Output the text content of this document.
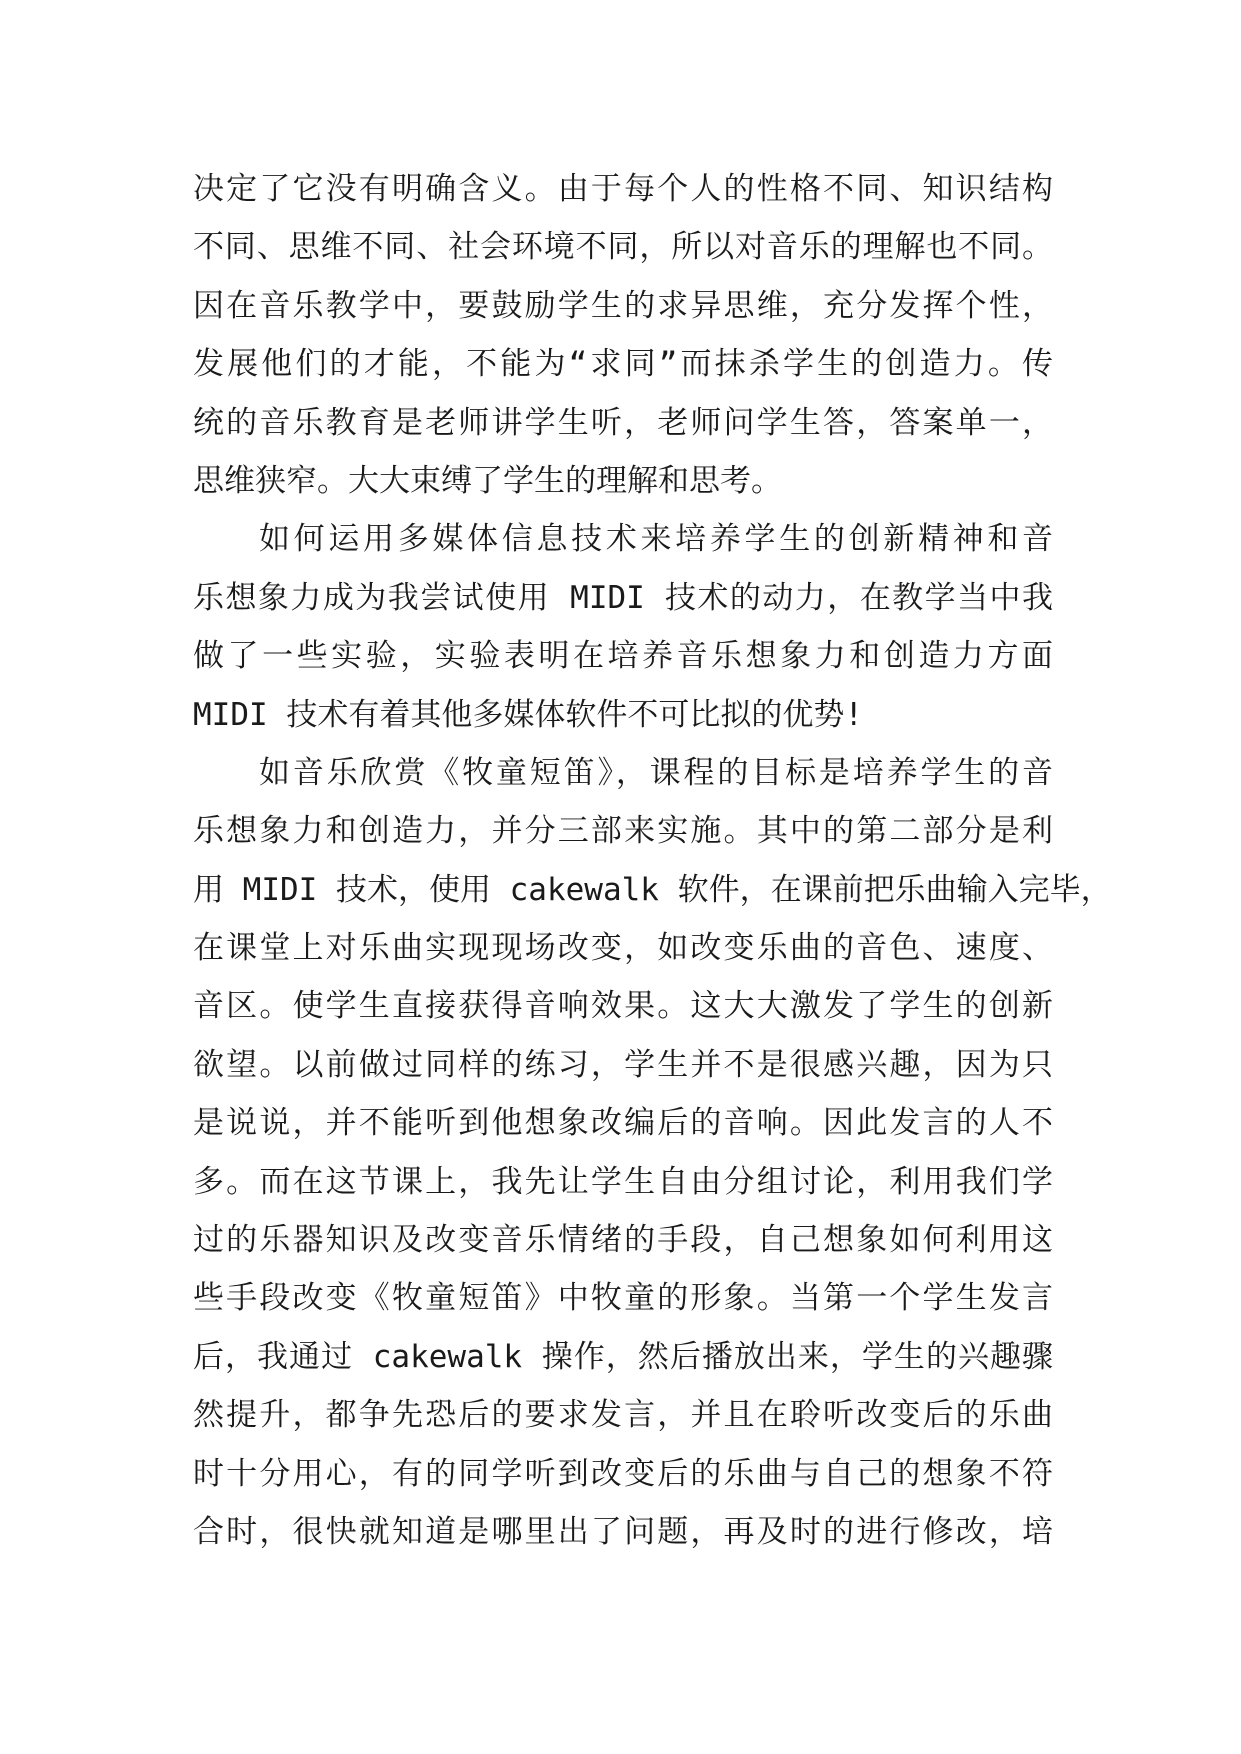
决定了它没有明确含义。由于每个人的性格不同、知识结构
不同、思维不同、社会环境不同，所以对音乐的理解也不同。
因在音乐教学中，要鼓励学生的求异思维，充分发挥个性，
发展他们的才能，不能为“求同”而抹杀学生的创造力。传
统的音乐教育是老师讲学生听，老师问学生答，答案单一，
思维狭窄。大大束缚了学生的理解和思考。
如何运用多媒体信息技术来培养学生的创新精神和音
乐想象力成为我尝试使用 MIDI 技术的动力，在教学当中我
做了一些实验，实验表明在培养音乐想象力和创造力方面
MIDI 技术有着其他多媒体软件不可比拟的优势!
如音乐欣赏《牧童短笛》，课程的目标是培养学生的音
乐想象力和创造力，并分三部来实施。其中的第二部分是利
用 MIDI 技术，使用 cakewalk 软件，在课前把乐曲输入完毕，
在课堂上对乐曲实现现场改变，如改变乐曲的音色、速度、
音区。使学生直接获得音响效果。这大大激发了学生的创新
欲望。以前做过同样的练习，学生并不是很感兴趣，因为只
是说说，并不能听到他想象改编后的音响。因此发言的人不
多。而在这节课上，我先让学生自由分组讨论，利用我们学
过的乐器知识及改变音乐情绪的手段，自己想象如何利用这
些手段改变《牧童短笛》中牧童的形象。当第一个学生发言
后，我通过 cakewalk 操作，然后播放出来，学生的兴趣骤
然提升，都争先恐后的要求发言，并且在聆听改变后的乐曲
时十分用心，有的同学听到改变后的乐曲与自己的想象不符
合时，很快就知道是哪里出了问题，再及时的进行修改，培
